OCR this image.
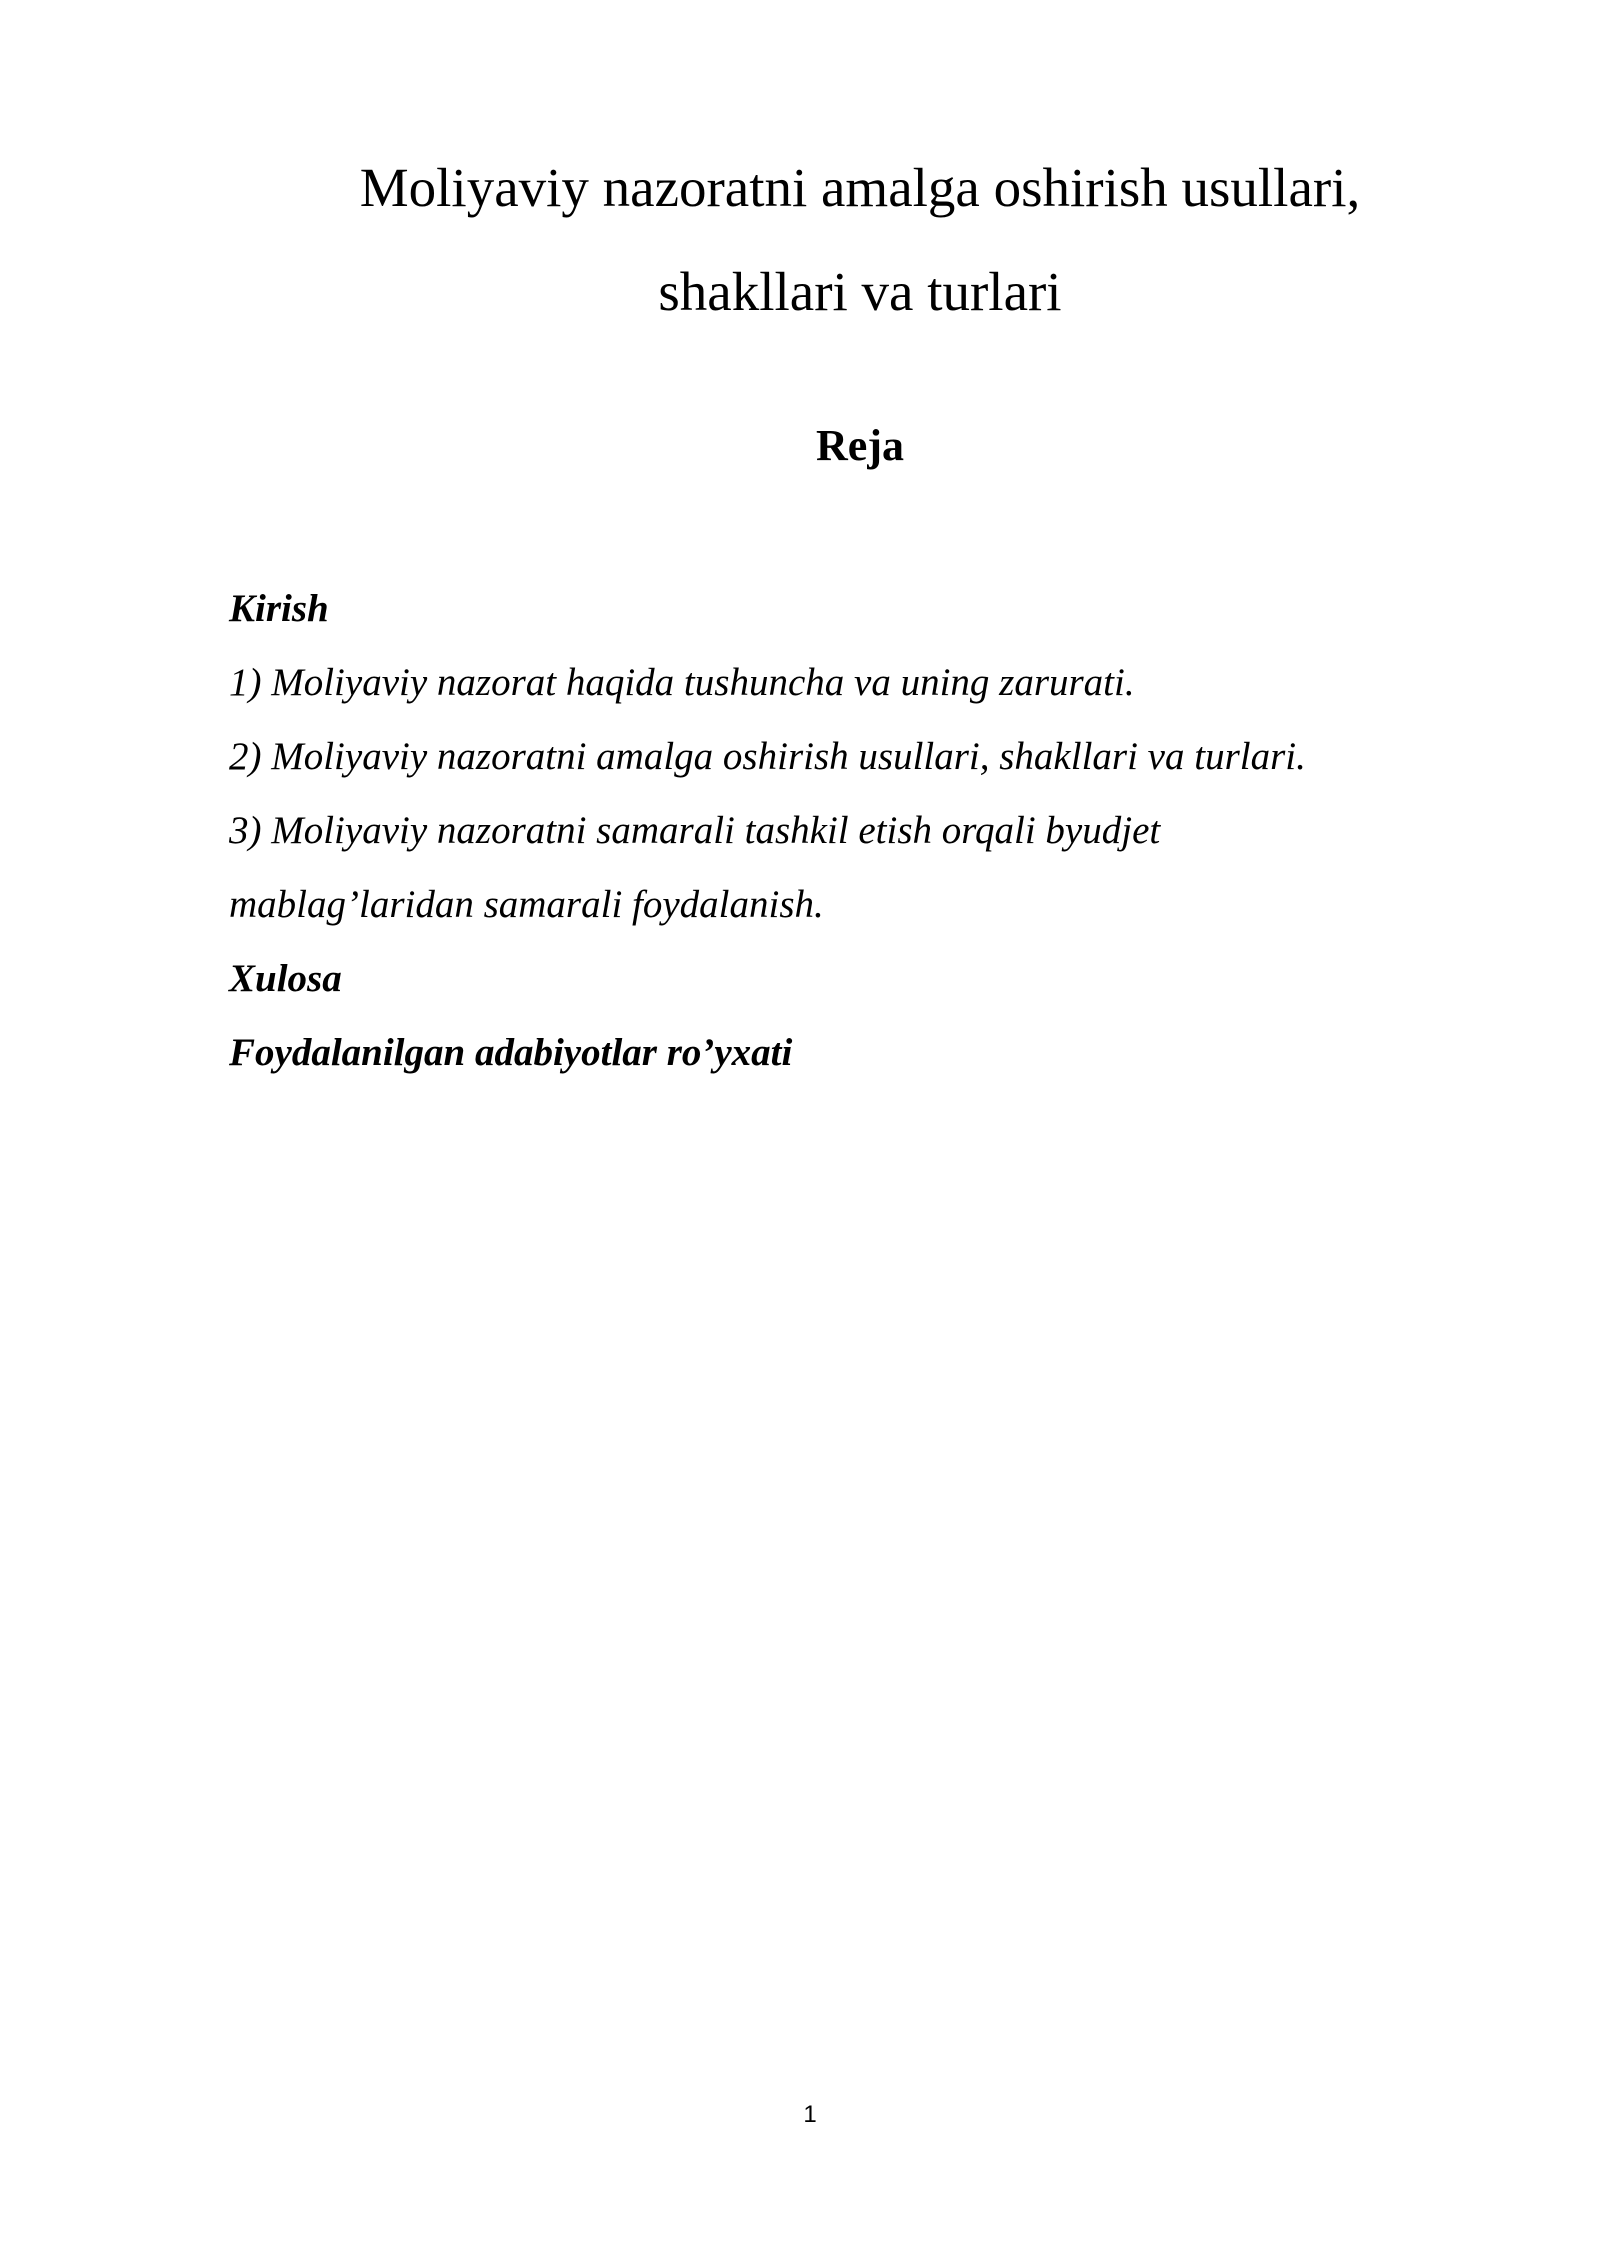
Moliyaviy nazoratni amalga oshirish usullari,
shakllari va turlari
Reja
Kirish
1) Moliyaviy nazorat haqida tushuncha va uning zarurati.
2) Moliyaviy nazoratni amalga oshirish usullari, shakllari va turlari.
3) Moliyaviy nazoratni samarali tashkil etish orqali byudjet
mablag’laridan samarali foydalanish.
Xulosa
Foydalanilgan adabiyotlar ro’yxati
1
